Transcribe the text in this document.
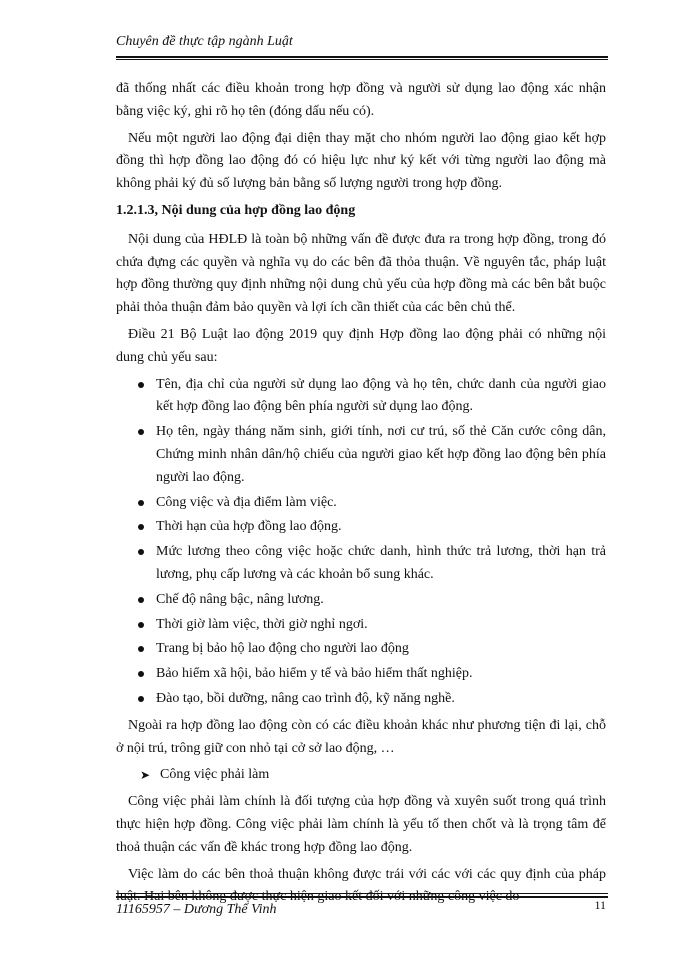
Chuyên đề thực tập ngành Luật

đã thống nhất các điều khoản trong hợp đồng và người sử dụng lao động xác nhận bằng việc ký, ghi rõ họ tên (đóng dấu nếu có).

Nếu một người lao động đại diện thay mặt cho nhóm người lao động giao kết hợp đồng thì hợp đồng lao động đó có hiệu lực như ký kết với từng người lao động mà không phải ký đủ số lượng bản bằng số lượng người trong hợp đồng.

1.2.1.3, Nội dung của hợp đồng lao động

Nội dung của HĐLĐ là toàn bộ những vấn đề được đưa ra trong hợp đồng, trong đó chứa đựng các quyền và nghĩa vụ do các bên đã thỏa thuận. Về nguyên tắc, pháp luật hợp đồng thường quy định những nội dung chủ yếu của hợp đồng mà các bên bắt buộc phải thỏa thuận đảm bảo quyền và lợi ích cần thiết của các bên chủ thể.

Điều 21 Bộ Luật lao động 2019 quy định Hợp đồng lao động phải có những nội dung chủ yếu sau:

Tên, địa chỉ của người sử dụng lao động và họ tên, chức danh của người giao kết hợp đồng lao động bên phía người sử dụng lao động.
Họ tên, ngày tháng năm sinh, giới tính, nơi cư trú, số thẻ Căn cước công dân, Chứng minh nhân dân/hộ chiếu của người giao kết hợp đồng lao động bên phía người lao động.
Công việc và địa điểm làm việc.
Thời hạn của hợp đồng lao động.
Mức lương theo công việc hoặc chức danh, hình thức trả lương, thời hạn trả lương, phụ cấp lương và các khoản bổ sung khác.
Chế độ nâng bậc, nâng lương.
Thời giờ làm việc, thời giờ nghỉ ngơi.
Trang bị bảo hộ lao động cho người lao động
Bảo hiểm xã hội, bảo hiểm y tế và bảo hiểm thất nghiệp.
Đào tạo, bồi dưỡng, nâng cao trình độ, kỹ năng nghề.

Ngoài ra hợp đồng lao động còn có các điều khoản khác như phương tiện đi lại, chỗ ở nội trú, trông giữ con nhỏ tại cở sở lao động, …

➤ Công việc phải làm

Công việc phải làm chính là đối tượng của hợp đồng và xuyên suốt trong quá trình thực hiện hợp đồng. Công việc phải làm chính là yếu tố then chốt và là trọng tâm để thoả thuận các vấn đề khác trong hợp đồng lao động.

Việc làm do các bên thoả thuận không được trái với các với các quy định của pháp luật. Hai bên không được thực hiện giao kết đối với những công việc do

11165957 – Dương Thế Vinh	11
